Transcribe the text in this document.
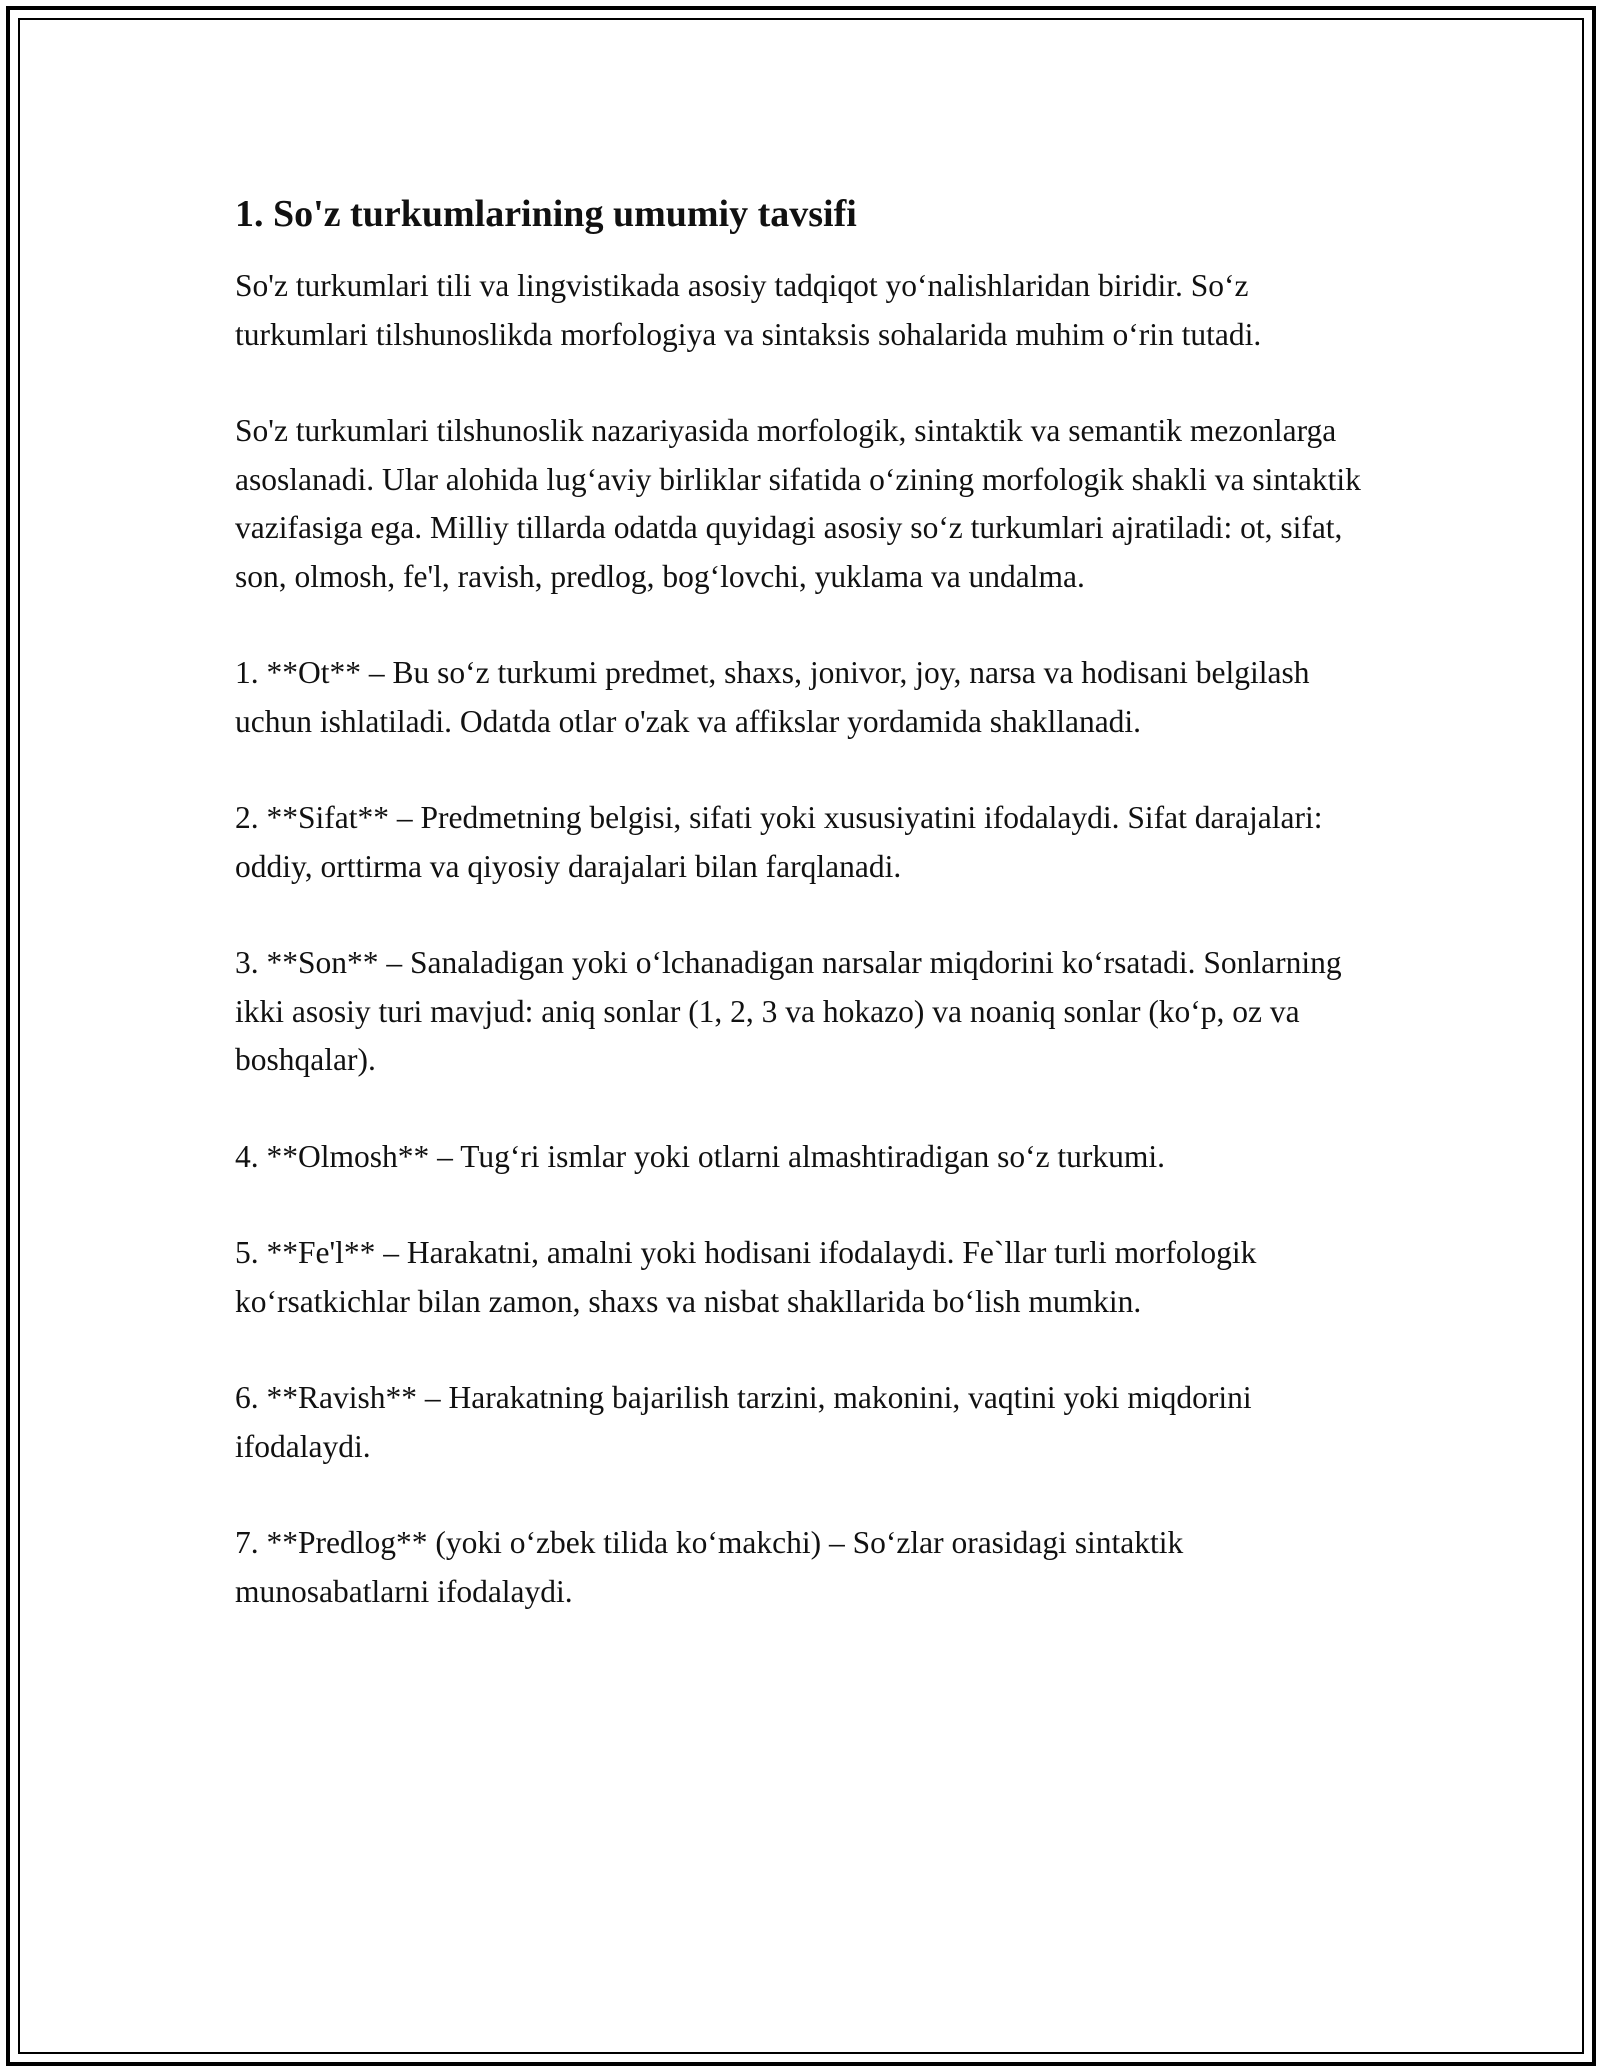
1. So'z turkumlarining umumiy tavsifi

So'z turkumlari tili va lingvistikada asosiy tadqiqot yo‘nalishlaridan biridir. So‘z turkumlari tilshunoslikda morfologiya va sintaksis sohalarida muhim o‘rin tutadi.

So'z turkumlari tilshunoslik nazariyasida morfologik, sintaktik va semantik mezonlarga asoslanadi. Ular alohida lug‘aviy birliklar sifatida o‘zining morfologik shakli va sintaktik vazifasiga ega. Milliy tillarda odatda quyidagi asosiy so‘z turkumlari ajratiladi: ot, sifat, son, olmosh, fe'l, ravish, predlog, bog‘lovchi, yuklama va undalma.

1. **Ot** – Bu so‘z turkumi predmet, shaxs, jonivor, joy, narsa va hodisani belgilash uchun ishlatiladi. Odatda otlar o'zak va affikslar yordamida shakllanadi.

2. **Sifat** – Predmetning belgisi, sifati yoki xususiyatini ifodalaydi. Sifat darajalari: oddiy, orttirma va qiyosiy darajalari bilan farqlanadi.

3. **Son** – Sanaladigan yoki o‘lchanadigan narsalar miqdorini ko‘rsatadi. Sonlarning ikki asosiy turi mavjud: aniq sonlar (1, 2, 3 va hokazo) va noaniq sonlar (ko‘p, oz va boshqalar).

4. **Olmosh** – Tug‘ri ismlar yoki otlarni almashtiradigan so‘z turkumi.

5. **Fe'l** – Harakatni, amalni yoki hodisani ifodalaydi. Fe`llar turli morfologik ko‘rsatkichlar bilan zamon, shaxs va nisbat shakllarida bo‘lish mumkin.

6. **Ravish** – Harakatning bajarilish tarzini, makonini, vaqtini yoki miqdorini ifodalaydi.

7. **Predlog** (yoki o‘zbek tilida ko‘makchi) – So‘zlar orasidagi sintaktik munosabatlarni ifodalaydi.
